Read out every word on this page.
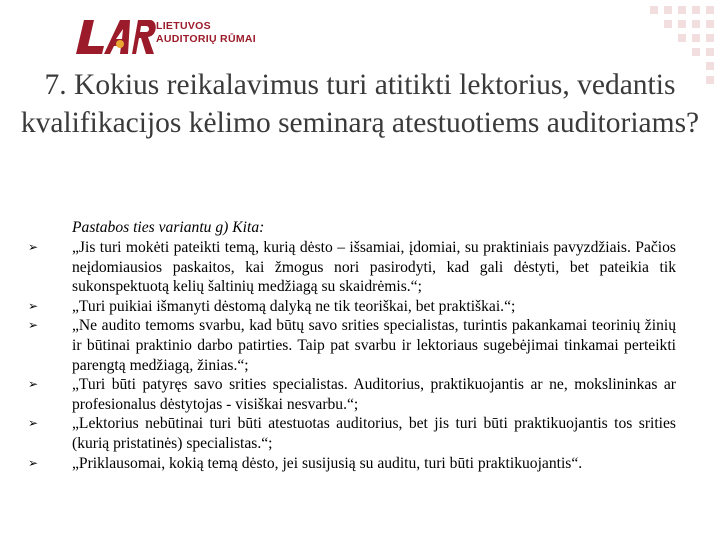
LIETUVOS
AUDITORIŲ RŪMAI
7. Kokius reikalavimus turi atitikti lektorius, vedantis kvalifikacijos kėlimo seminarą atestuotiems auditoriams?
Pastabos ties variantu g) Kita:
➢ „Jis turi mokėti pateikti temą, kurią dėsto – išsamiai, įdomiai, su praktiniais pavyzdžiais. Pačios neįdomiausios paskaitos, kai žmogus nori pasirodyti, kad gali dėstyti, bet pateikia tik sukonspektuotą kelių šaltinių medžiagą su skaidrėmis.“;
➢ „Turi puikiai išmanyti dėstomą dalyką ne tik teoriškai, bet praktiškai.“;
➢ „Ne audito temoms svarbu, kad būtų savo srities specialistas, turintis pakankamai teorinių žinių ir būtinai praktinio darbo patirties. Taip pat svarbu ir lektoriaus sugebėjimai tinkamai perteikti parengtą medžiagą, žinias.“;
➢ „Turi būti patyręs savo srities specialistas. Auditorius, praktikuojantis ar ne, mokslininkas ar profesionalus dėstytojas - visiškai nesvarbu.“;
➢ „Lektorius nebūtinai turi būti atestuotas auditorius, bet jis turi būti praktikuojantis tos srities (kurią pristatinės) specialistas.“;
➢ „Priklausomai, kokią temą dėsto, jei susijusią su auditu, turi būti praktikuojantis“.
